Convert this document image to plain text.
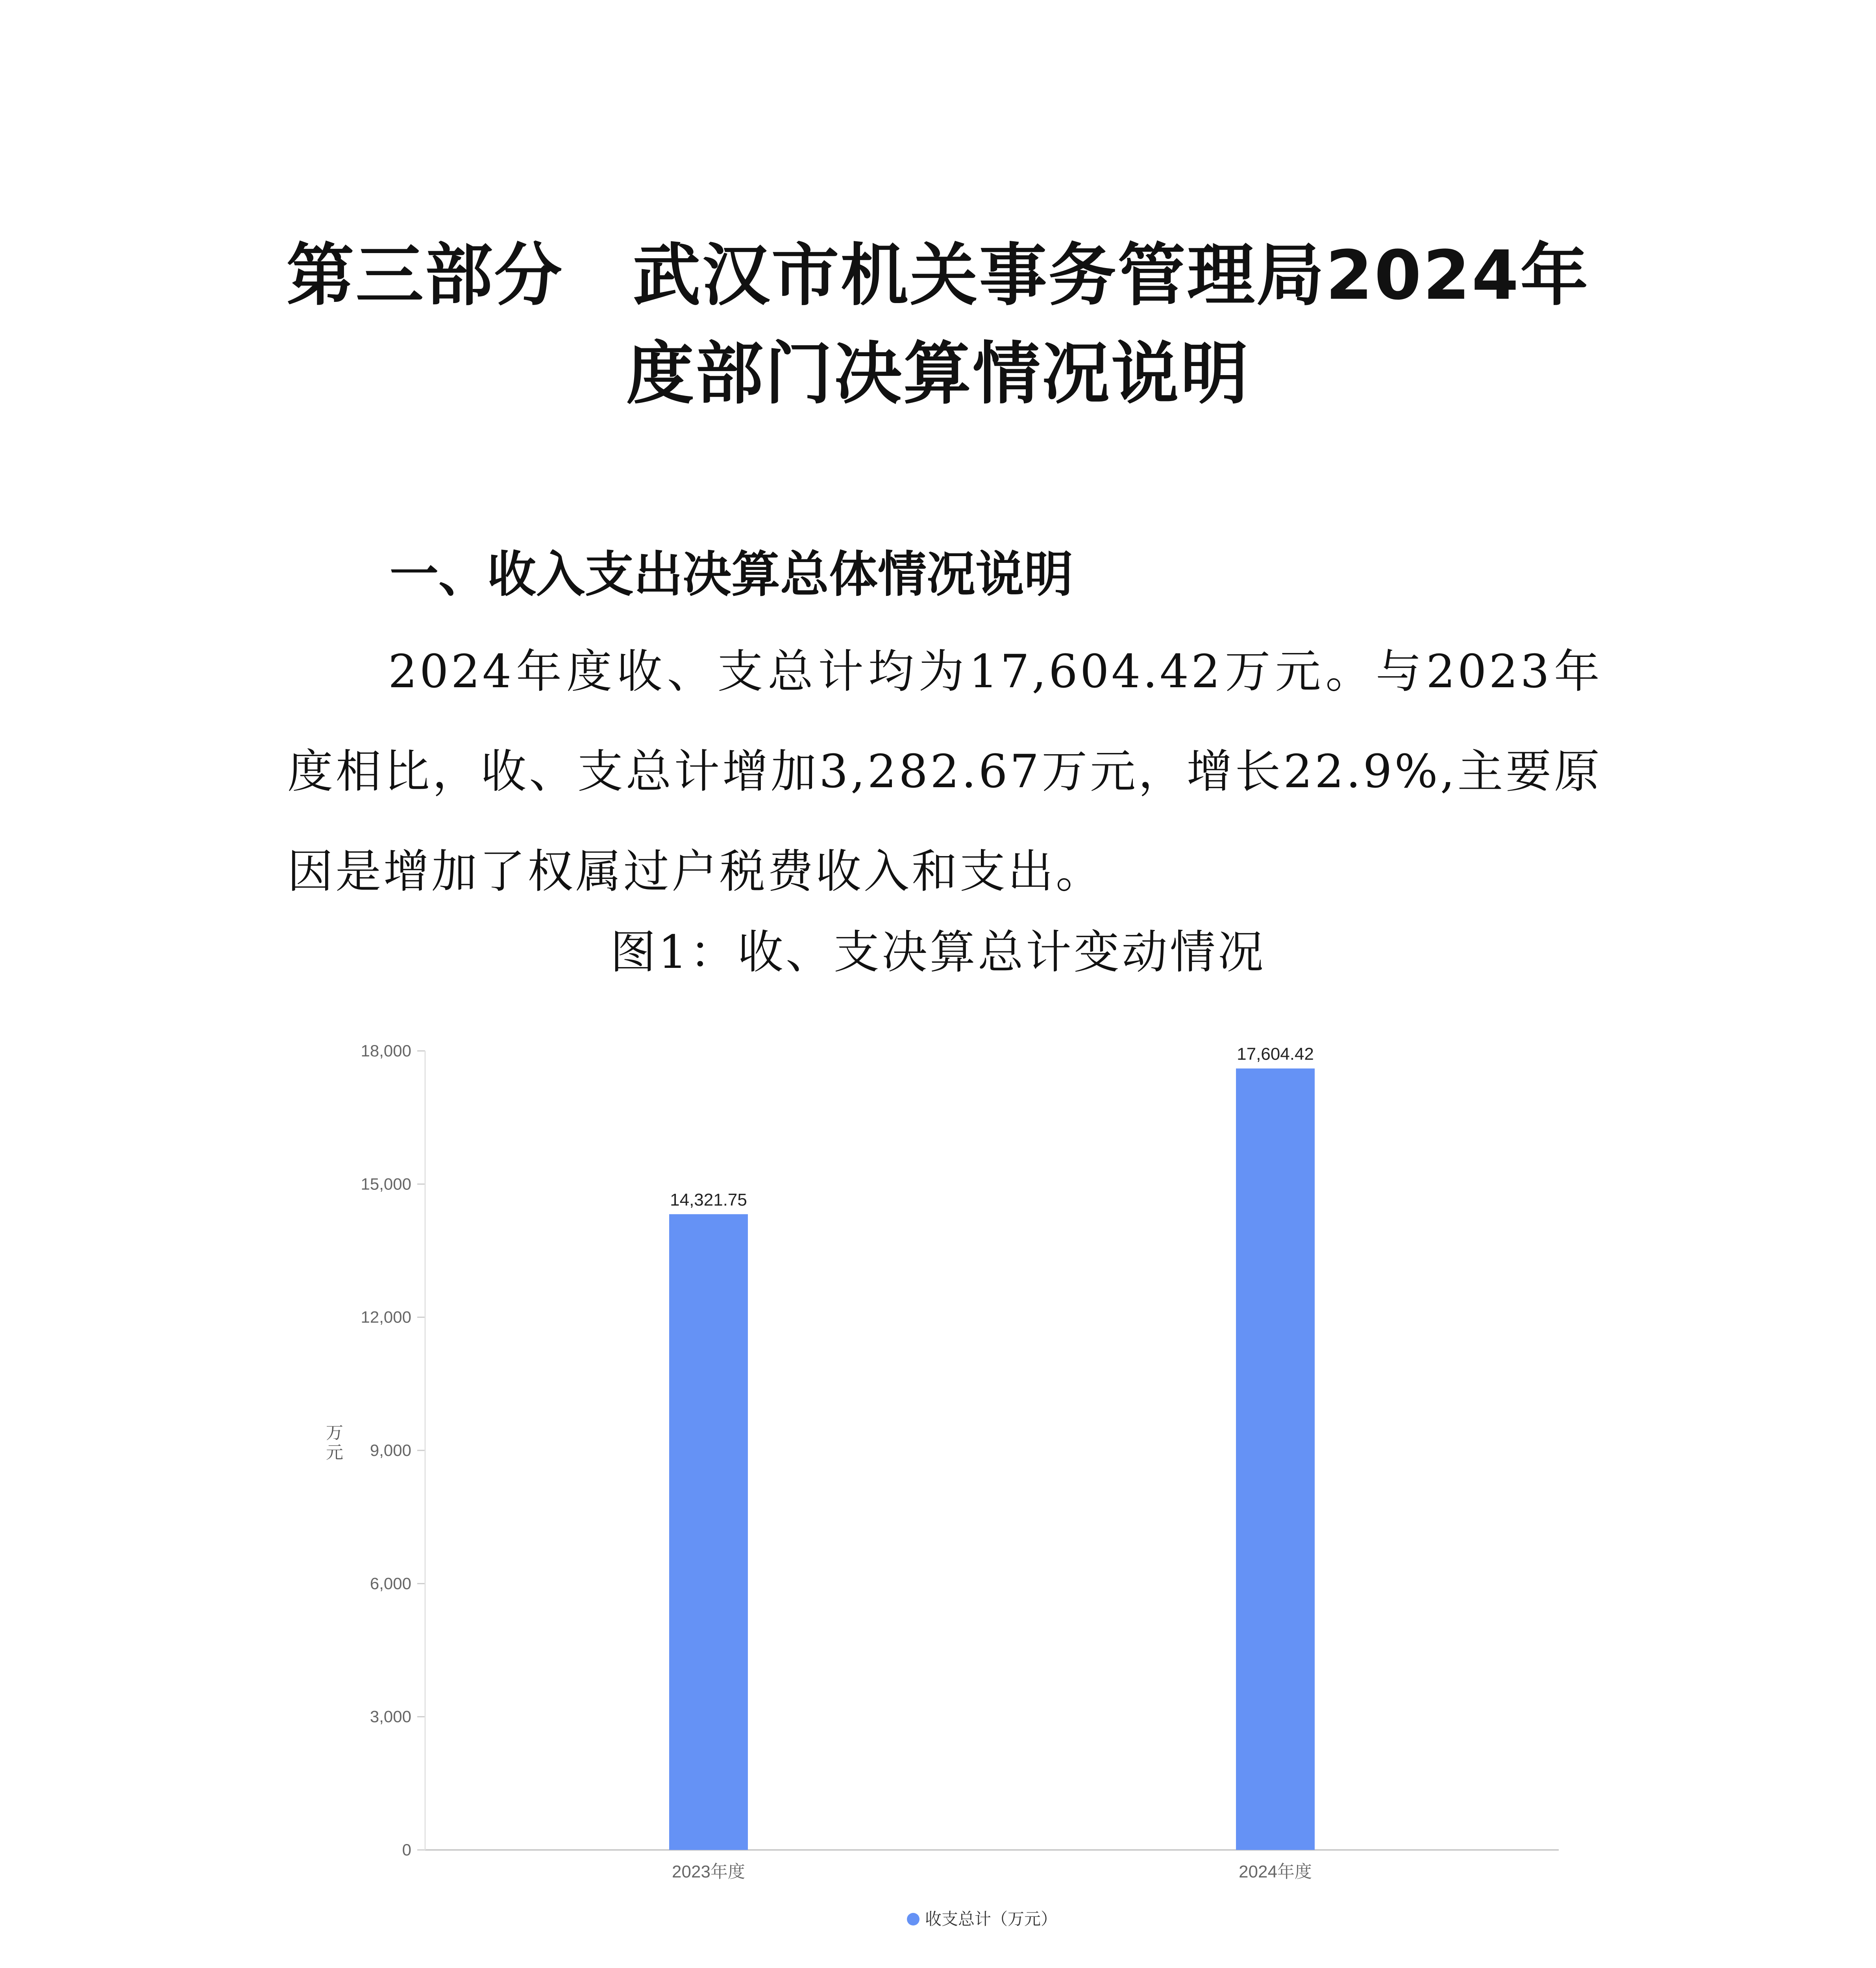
第三部分　武汉市机关事务管理局2024年
度部门决算情况说明
一、收入支出决算总体情况说明

2024年度收、支总计均为17,604.42万元。与2023年度相比，收、支总计增加3,282.67万元，增长22.9%,主要原因是增加了权属过户税费收入和支出。

图1：收、支决算总计变动情况

0
3,000
6,000
9,000
12,000
15,000
18,000
14,321.75
17,604.42
2023年度	2024年度
万元
收支总计（万元）
